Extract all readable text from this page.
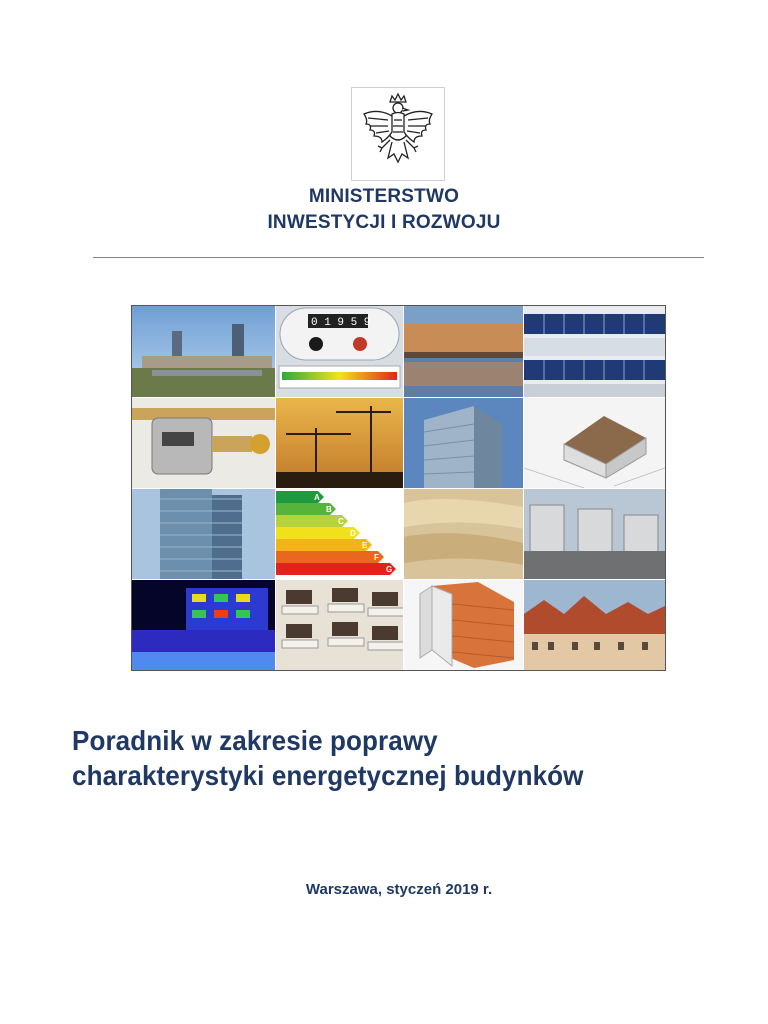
MINISTERSTWO
INWESTYCJI I ROZWOJU
0 1 9 5 9
A
B
C
D
E
F
G
Poradnik w zakresie poprawy
charakterystyki energetycznej budynków
Warszawa, styczeń 2019 r.
